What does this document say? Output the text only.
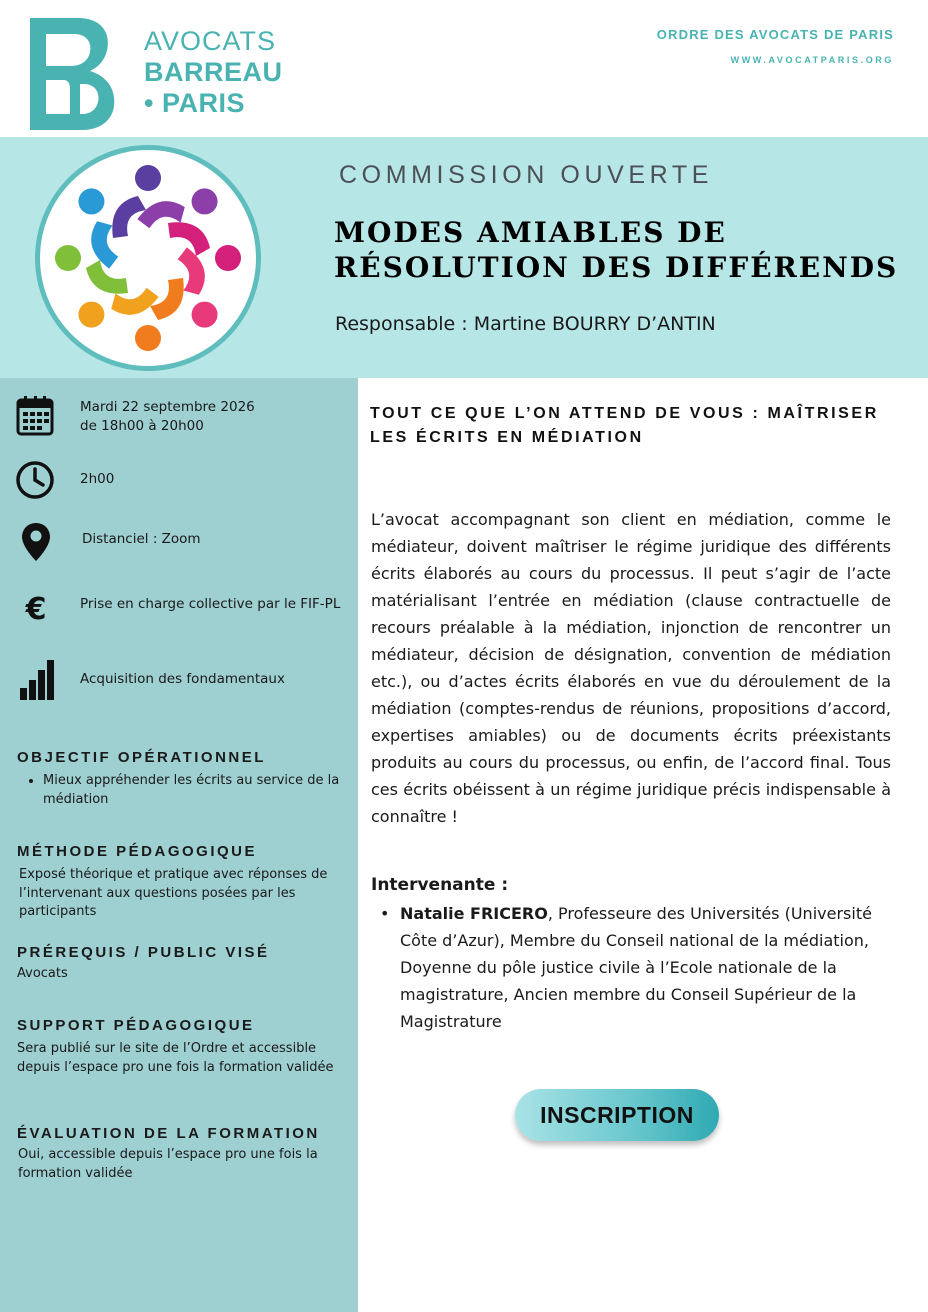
AVOCATS
BARREAU
• PARIS
ORDRE DES AVOCATS DE PARIS
WWW.AVOCATPARIS.ORG
COMMISSION OUVERTE
MODES AMIABLES DE
RÉSOLUTION DES DIFFÉRENDS
Responsable : Martine BOURRY D’ANTIN
Mardi 22 septembre 2026
de 18h00 à 20h00
2h00
Distanciel : Zoom
€ Prise en charge collective par le FIF-PL
Acquisition des fondamentaux
OBJECTIF OPÉRATIONNEL
• Mieux appréhender les écrits au service de la médiation
MÉTHODE PÉDAGOGIQUE
Exposé théorique et pratique avec réponses de l’intervenant aux questions posées par les participants
PRÉREQUIS / PUBLIC VISÉ
Avocats
SUPPORT PÉDAGOGIQUE
Sera publié sur le site de l’Ordre et accessible depuis l’espace pro une fois la formation validée
ÉVALUATION DE LA FORMATION
Oui, accessible depuis l’espace pro une fois la formation validée
TOUT CE QUE L’ON ATTEND DE VOUS : MAÎTRISER LES ÉCRITS EN MÉDIATION
L’avocat accompagnant son client en médiation, comme le médiateur, doivent maîtriser le régime juridique des différents écrits élaborés au cours du processus. Il peut s’agir de l’acte matérialisant l’entrée en médiation (clause contractuelle de recours préalable à la médiation, injonction de rencontrer un médiateur, décision de désignation, convention de médiation etc.), ou d’actes écrits élaborés en vue du déroulement de la médiation (comptes-rendus de réunions, propositions d’accord, expertises amiables) ou de documents écrits préexistants produits au cours du processus, ou enfin, de l’accord final. Tous ces écrits obéissent à un régime juridique précis indispensable à connaître !
Intervenante :
• Natalie FRICERO, Professeure des Universités (Université Côte d’Azur), Membre du Conseil national de la médiation, Doyenne du pôle justice civile à l’Ecole nationale de la magistrature, Ancien membre du Conseil Supérieur de la Magistrature
INSCRIPTION
